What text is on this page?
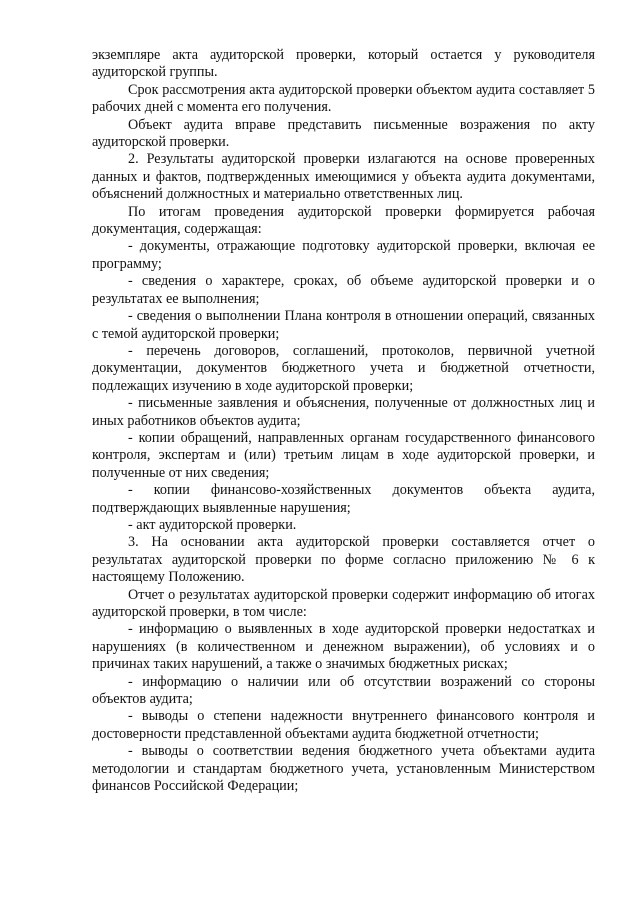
экземпляре акта аудиторской проверки, который остается у руководителя аудиторской группы.

Срок рассмотрения акта аудиторской проверки объектом аудита составляет 5 рабочих дней с момента его получения.

Объект аудита вправе представить письменные возражения по акту аудиторской проверки.

2. Результаты аудиторской проверки излагаются на основе проверенных данных и фактов, подтвержденных имеющимися у объекта аудита документами, объяснений должностных и материально ответственных лиц.

По итогам проведения аудиторской проверки формируется рабочая документация, содержащая:

- документы, отражающие подготовку аудиторской проверки, включая ее программу;

- сведения о характере, сроках, об объеме аудиторской проверки и о результатах ее выполнения;

- сведения о выполнении Плана контроля в отношении операций, связанных с темой аудиторской проверки;

- перечень договоров, соглашений, протоколов, первичной учетной документации, документов бюджетного учета и бюджетной отчетности, подлежащих изучению в ходе аудиторской проверки;

- письменные заявления и объяснения, полученные от должностных лиц и иных работников объектов аудита;

- копии обращений, направленных органам государственного финансового контроля, экспертам и (или) третьим лицам в ходе аудиторской проверки, и полученные от них сведения;

- копии финансово-хозяйственных документов объекта аудита, подтверждающих выявленные нарушения;

- акт аудиторской проверки.

3. На основании акта аудиторской проверки составляется отчет о результатах аудиторской проверки по форме согласно приложению № 6 к настоящему Положению.

Отчет о результатах аудиторской проверки содержит информацию об итогах аудиторской проверки, в том числе:

- информацию о выявленных в ходе аудиторской проверки недостатках и нарушениях (в количественном и денежном выражении), об условиях и о причинах таких нарушений, а также о значимых бюджетных рисках;

- информацию о наличии или об отсутствии возражений со стороны объектов аудита;

- выводы о степени надежности внутреннего финансового контроля и достоверности представленной объектами аудита бюджетной отчетности;

- выводы о соответствии ведения бюджетного учета объектами аудита методологии и стандартам бюджетного учета, установленным Министерством финансов Российской Федерации;
